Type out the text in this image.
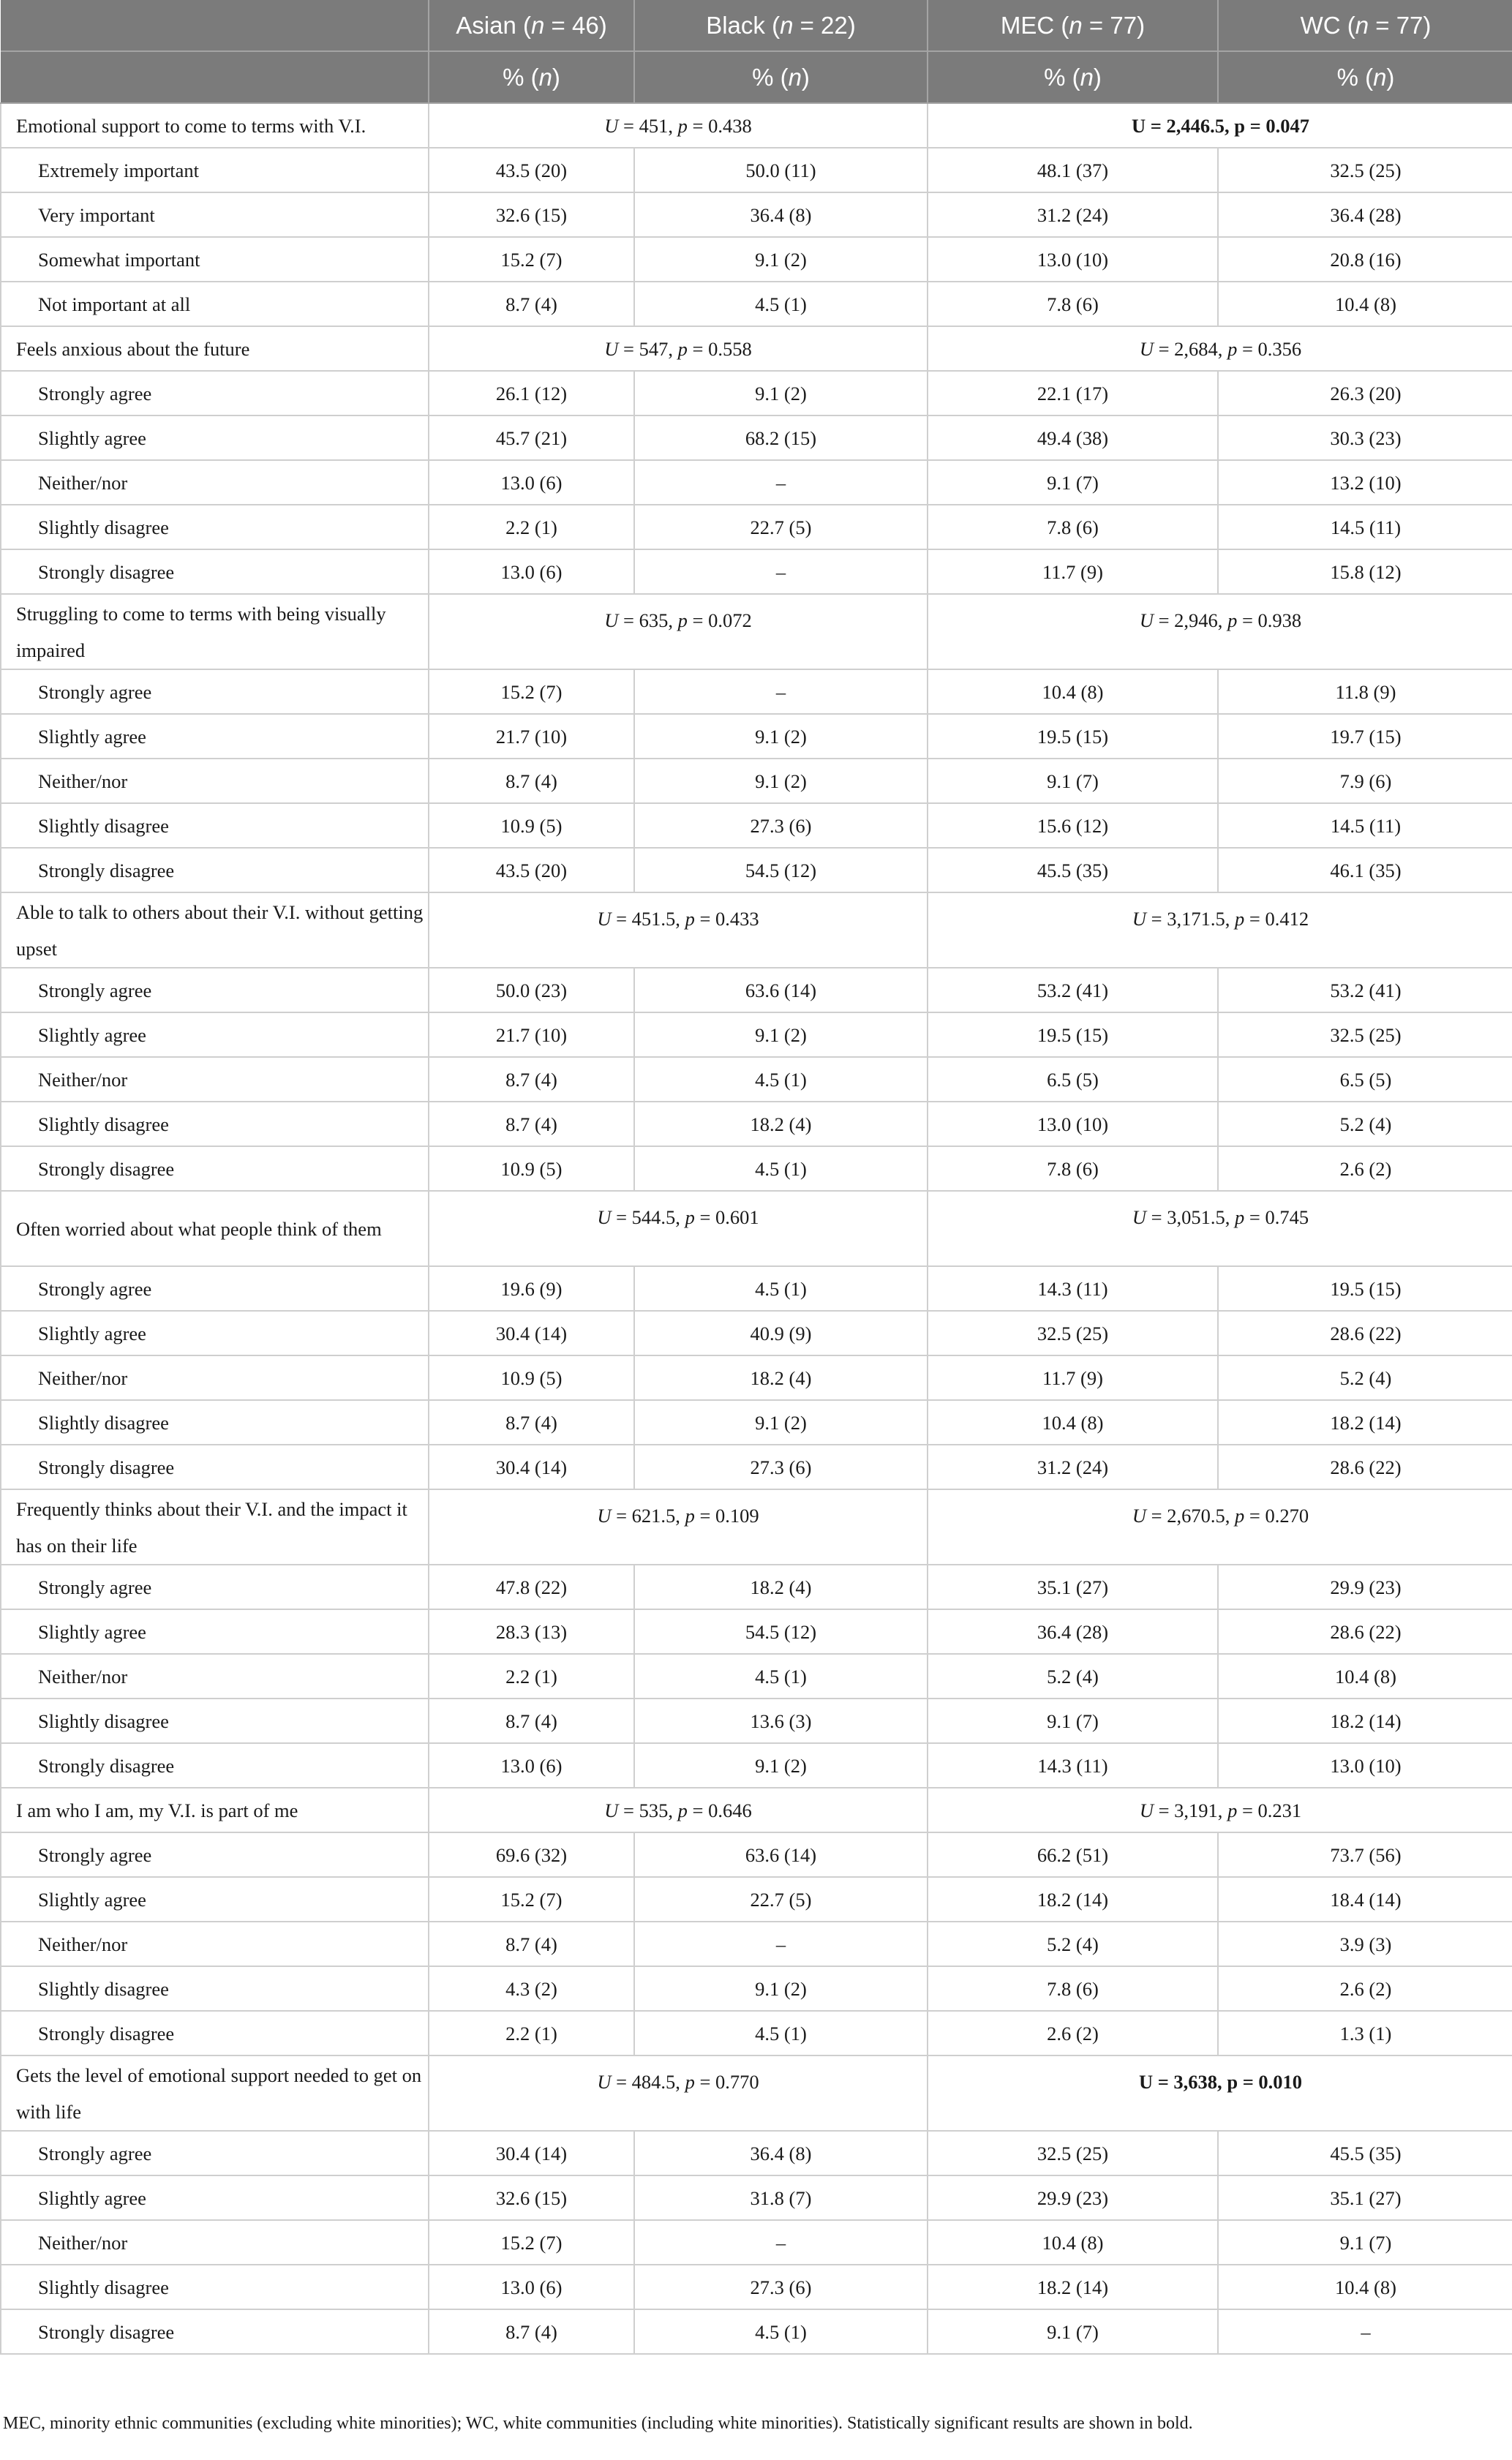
	Asian (n = 46)	Black (n = 22)	MEC (n = 77)	WC (n = 77)
	% (n)	% (n)	% (n)	% (n)
Emotional support to come to terms with V.I.	U = 451, p = 0.438		U = 2,446.5, p = 0.047	
Extremely important	43.5 (20)	50.0 (11)	48.1 (37)	32.5 (25)
Very important	32.6 (15)	36.4 (8)	31.2 (24)	36.4 (28)
Somewhat important	15.2 (7)	9.1 (2)	13.0 (10)	20.8 (16)
Not important at all	8.7 (4)	4.5 (1)	7.8 (6)	10.4 (8)
Feels anxious about the future	U = 547, p = 0.558		U = 2,684, p = 0.356	
Strongly agree	26.1 (12)	9.1 (2)	22.1 (17)	26.3 (20)
Slightly agree	45.7 (21)	68.2 (15)	49.4 (38)	30.3 (23)
Neither/nor	13.0 (6)	–	9.1 (7)	13.2 (10)
Slightly disagree	2.2 (1)	22.7 (5)	7.8 (6)	14.5 (11)
Strongly disagree	13.0 (6)	–	11.7 (9)	15.8 (12)
Struggling to come to terms with being visually impaired	U = 635, p = 0.072		U = 2,946, p = 0.938	
Strongly agree	15.2 (7)	–	10.4 (8)	11.8 (9)
Slightly agree	21.7 (10)	9.1 (2)	19.5 (15)	19.7 (15)
Neither/nor	8.7 (4)	9.1 (2)	9.1 (7)	7.9 (6)
Slightly disagree	10.9 (5)	27.3 (6)	15.6 (12)	14.5 (11)
Strongly disagree	43.5 (20)	54.5 (12)	45.5 (35)	46.1 (35)
Able to talk to others about their V.I. without getting upset	U = 451.5, p = 0.433		U = 3,171.5, p = 0.412	
Strongly agree	50.0 (23)	63.6 (14)	53.2 (41)	53.2 (41)
Slightly agree	21.7 (10)	9.1 (2)	19.5 (15)	32.5 (25)
Neither/nor	8.7 (4)	4.5 (1)	6.5 (5)	6.5 (5)
Slightly disagree	8.7 (4)	18.2 (4)	13.0 (10)	5.2 (4)
Strongly disagree	10.9 (5)	4.5 (1)	7.8 (6)	2.6 (2)
Often worried about what people think of them	U = 544.5, p = 0.601		U = 3,051.5, p = 0.745	
Strongly agree	19.6 (9)	4.5 (1)	14.3 (11)	19.5 (15)
Slightly agree	30.4 (14)	40.9 (9)	32.5 (25)	28.6 (22)
Neither/nor	10.9 (5)	18.2 (4)	11.7 (9)	5.2 (4)
Slightly disagree	8.7 (4)	9.1 (2)	10.4 (8)	18.2 (14)
Strongly disagree	30.4 (14)	27.3 (6)	31.2 (24)	28.6 (22)
Frequently thinks about their V.I. and the impact it has on their life	U = 621.5, p = 0.109		U = 2,670.5, p = 0.270	
Strongly agree	47.8 (22)	18.2 (4)	35.1 (27)	29.9 (23)
Slightly agree	28.3 (13)	54.5 (12)	36.4 (28)	28.6 (22)
Neither/nor	2.2 (1)	4.5 (1)	5.2 (4)	10.4 (8)
Slightly disagree	8.7 (4)	13.6 (3)	9.1 (7)	18.2 (14)
Strongly disagree	13.0 (6)	9.1 (2)	14.3 (11)	13.0 (10)
I am who I am, my V.I. is part of me	U = 535, p = 0.646		U = 3,191, p = 0.231	
Strongly agree	69.6 (32)	63.6 (14)	66.2 (51)	73.7 (56)
Slightly agree	15.2 (7)	22.7 (5)	18.2 (14)	18.4 (14)
Neither/nor	8.7 (4)	–	5.2 (4)	3.9 (3)
Slightly disagree	4.3 (2)	9.1 (2)	7.8 (6)	2.6 (2)
Strongly disagree	2.2 (1)	4.5 (1)	2.6 (2)	1.3 (1)
Gets the level of emotional support needed to get on with life	U = 484.5, p = 0.770		U = 3,638, p = 0.010	
Strongly agree	30.4 (14)	36.4 (8)	32.5 (25)	45.5 (35)
Slightly agree	32.6 (15)	31.8 (7)	29.9 (23)	35.1 (27)
Neither/nor	15.2 (7)	–	10.4 (8)	9.1 (7)
Slightly disagree	13.0 (6)	27.3 (6)	18.2 (14)	10.4 (8)
Strongly disagree	8.7 (4)	4.5 (1)	9.1 (7)	–
MEC, minority ethnic communities (excluding white minorities); WC, white communities (including white minorities). Statistically significant results are shown in bold.
